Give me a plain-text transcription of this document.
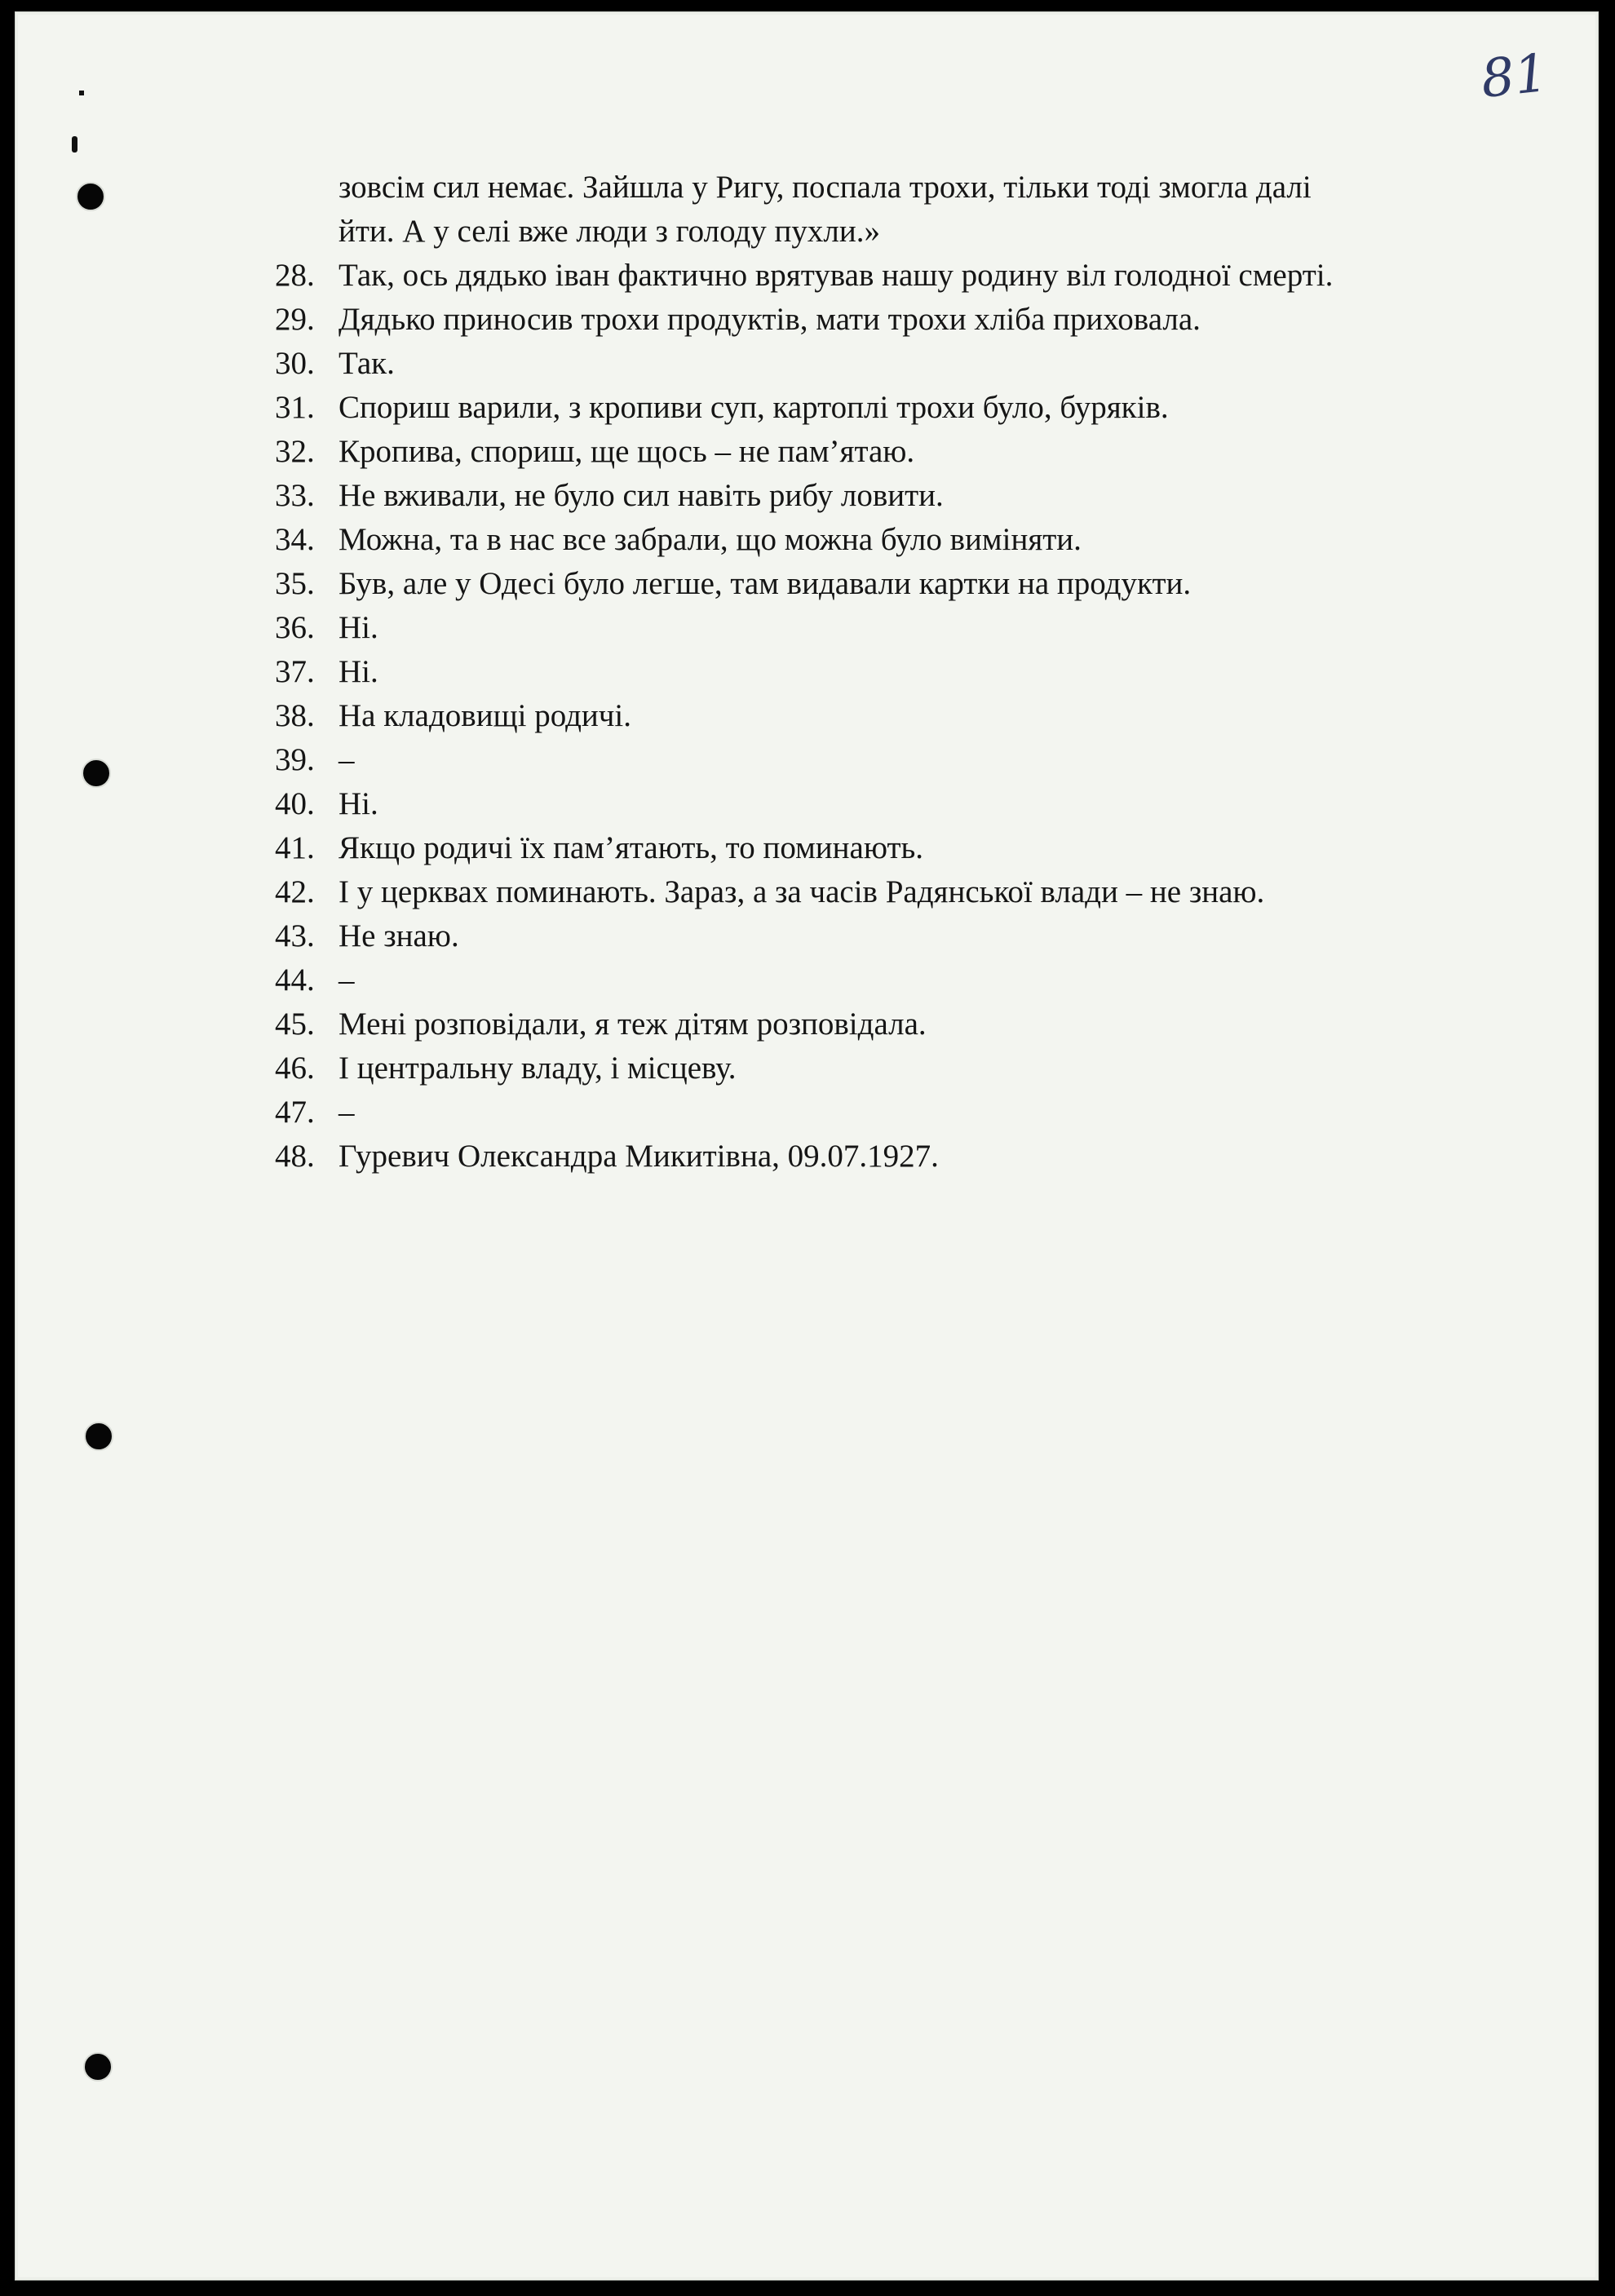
81
зовсім сил немає. Зайшла у Ригу, поспала трохи, тільки тоді змогла далі
йти. А у селі вже люди з голоду пухли.»
28. Так, ось дядько іван фактично врятував нашу родину віл голодної смерті.
29. Дядько приносив трохи продуктів, мати трохи хліба приховала.
30. Так.
31. Спориш варили, з кропиви суп, картоплі трохи було, буряків.
32. Кропива, спориш, ще щось – не пам’ятаю.
33. Не вживали, не було сил навіть рибу ловити.
34. Можна, та в нас все забрали, що можна було виміняти.
35. Був, але у Одесі було легше, там видавали картки на продукти.
36. Ні.
37. Ні.
38. На кладовищі родичі.
39. –
40. Ні.
41. Якщо родичі їх пам’ятають, то поминають.
42. І у церквах поминають. Зараз, а за часів Радянської влади – не знаю.
43. Не знаю.
44. –
45. Мені розповідали, я теж дітям розповідала.
46. І центральну владу, і місцеву.
47. –
48. Гуревич Олександра Микитівна, 09.07.1927.
